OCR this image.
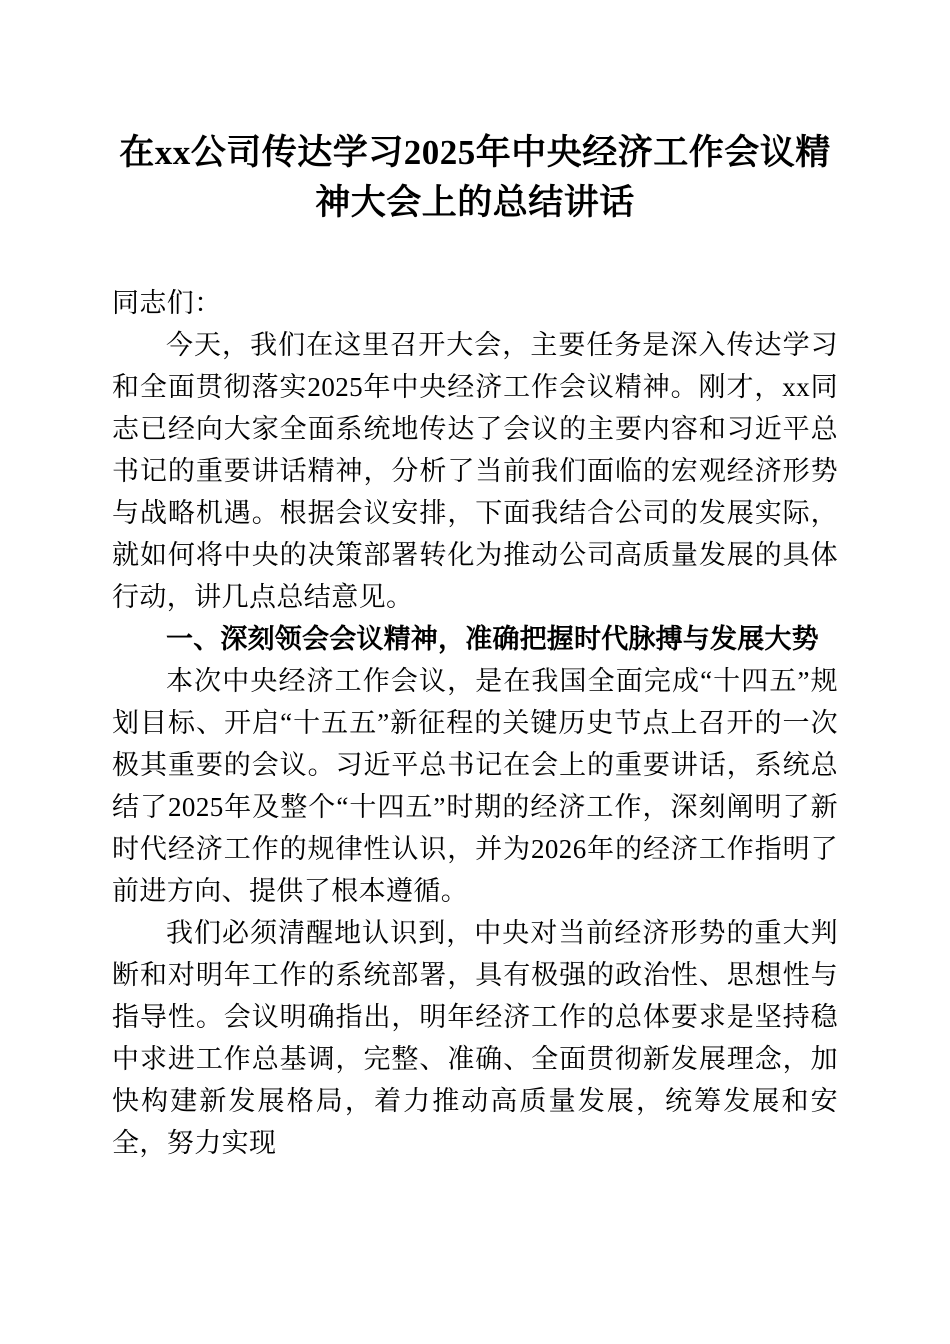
在xx公司传达学习2025年中央经济工作会议精神大会上的总结讲话

同志们：

今天，我们在这里召开大会，主要任务是深入传达学习和全面贯彻落实2025年中央经济工作会议精神。刚才，xx同志已经向大家全面系统地传达了会议的主要内容和习近平总书记的重要讲话精神，分析了当前我们面临的宏观经济形势与战略机遇。根据会议安排，下面我结合公司的发展实际，就如何将中央的决策部署转化为推动公司高质量发展的具体行动，讲几点总结意见。

一、深刻领会会议精神，准确把握时代脉搏与发展大势

本次中央经济工作会议，是在我国全面完成“十四五”规划目标、开启“十五五”新征程的关键历史节点上召开的一次极其重要的会议。习近平总书记在会上的重要讲话，系统总结了2025年及整个“十四五”时期的经济工作，深刻阐明了新时代经济工作的规律性认识，并为2026年的经济工作指明了前进方向、提供了根本遵循。

我们必须清醒地认识到，中央对当前经济形势的重大判断和对明年工作的系统部署，具有极强的政治性、思想性与指导性。会议明确指出，明年经济工作的总体要求是坚持稳中求进工作总基调，完整、准确、全面贯彻新发展理念，加快构建新发展格局，着力推动高质量发展，统筹发展和安全，努力实现
